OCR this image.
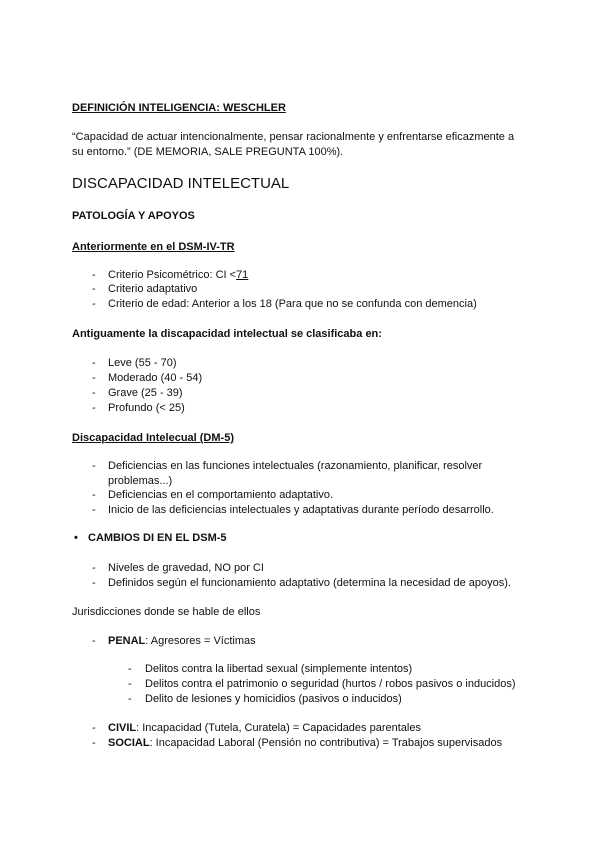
DEFINICIÓN INTELIGENCIA: WESCHLER
“Capacidad de actuar intencionalmente, pensar racionalmente y enfrentarse eficazmente a su entorno.” (DE MEMORIA, SALE PREGUNTA 100%).
DISCAPACIDAD INTELECTUAL
PATOLOGÍA Y APOYOS
Anteriormente en el DSM-IV-TR
- Criterio Psicométrico: CI <71
- Criterio adaptativo
- Criterio de edad: Anterior a los 18 (Para que no se confunda con demencia)
Antiguamente la discapacidad intelectual se clasificaba en:
- Leve (55 - 70)
- Moderado (40 - 54)
- Grave (25 - 39)
- Profundo (< 25)
Discapacidad Intelecual (DM-5)
- Deficiencias en las funciones intelectuales (razonamiento, planificar, resolver problemas...)
- Deficiencias en el comportamiento adaptativo.
- Inicio de las deficiencias intelectuales y adaptativas durante período desarrollo.
• CAMBIOS DI EN EL DSM-5
- Niveles de gravedad, NO por CI
- Definidos según el funcionamiento adaptativo (determina la necesidad de apoyos).
Jurisdicciones donde se hable de ellos
- PENAL: Agresores = Víctimas
- Delitos contra la libertad sexual (simplemente intentos)
- Delitos contra el patrimonio o seguridad (hurtos / robos pasivos o inducidos)
- Delito de lesiones y homicidios (pasivos o inducidos)
- CIVIL: Incapacidad (Tutela, Curatela) = Capacidades parentales
- SOCIAL: Incapacidad Laboral (Pensión no contributiva) = Trabajos supervisados
